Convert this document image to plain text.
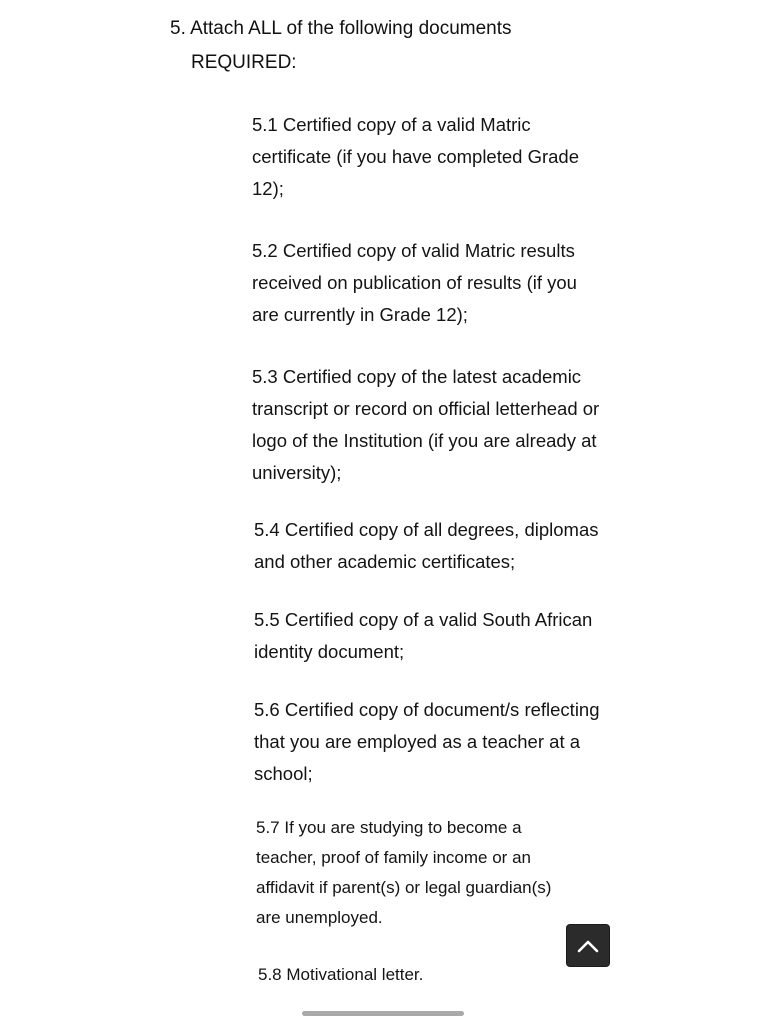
5. Attach ALL of the following documents
REQUIRED:
5.1 Certified copy of a valid Matric
certificate (if you have completed Grade
12);
5.2 Certified copy of valid Matric results
received on publication of results (if you
are currently in Grade 12);
5.3 Certified copy of the latest academic
transcript or record on official letterhead or
logo of the Institution (if you are already at
university);
5.4 Certified copy of all degrees, diplomas
and other academic certificates;
5.5 Certified copy of a valid South African
identity document;
5.6 Certified copy of document/s reflecting
that you are employed as a teacher at a
school;
5.7 If you are studying to become a
teacher, proof of family income or an
affidavit if parent(s) or legal guardian(s)
are unemployed.
5.8 Motivational letter.
